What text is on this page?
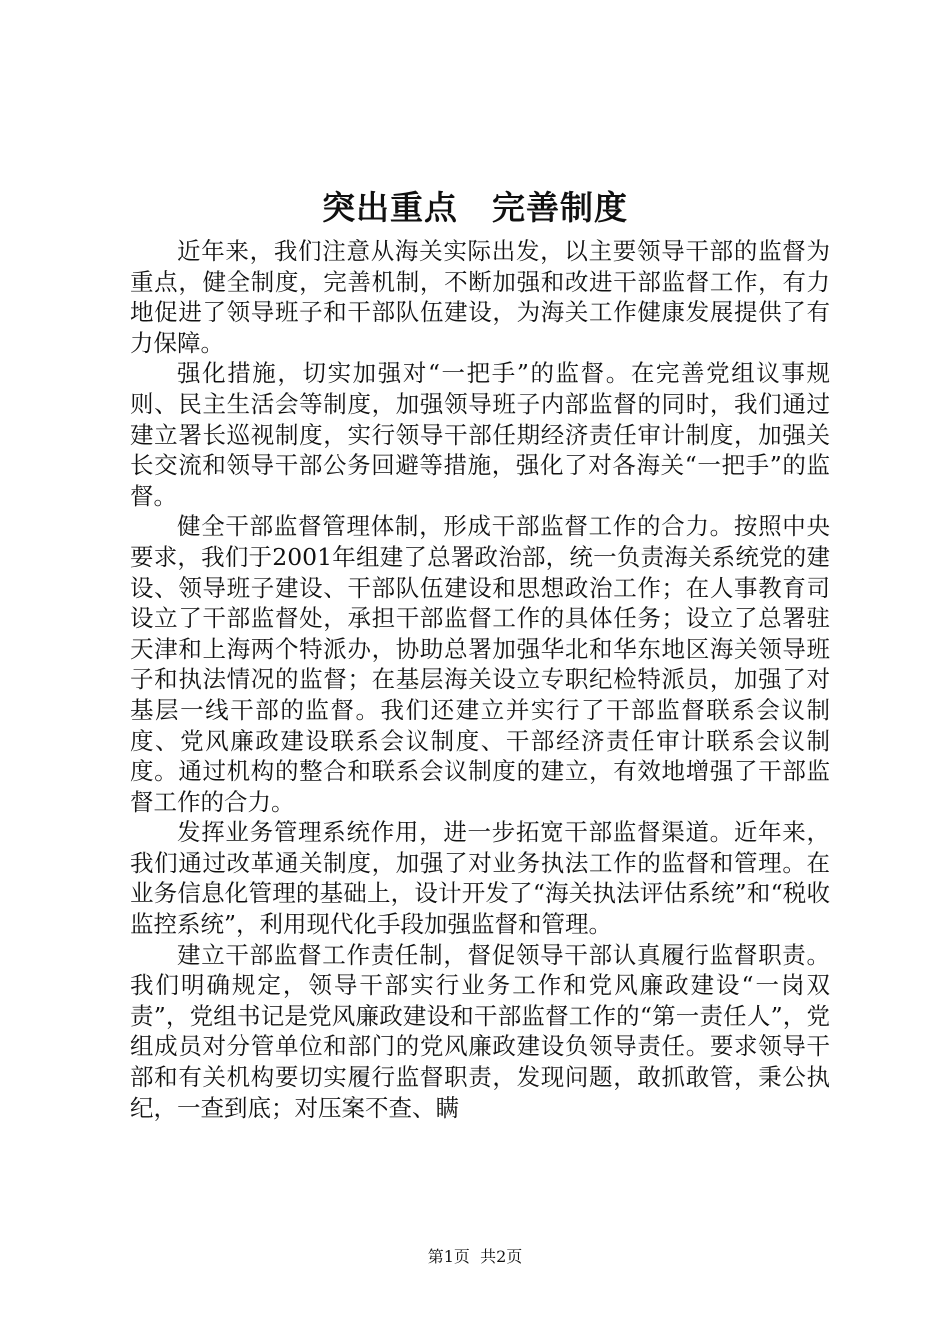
突出重点　完善制度

近年来，我们注意从海关实际出发，以主要领导干部的监督为重点，健全制度，完善机制，不断加强和改进干部监督工作，有力地促进了领导班子和干部队伍建设，为海关工作健康发展提供了有力保障。

强化措施，切实加强对“一把手”的监督。在完善党组议事规则、民主生活会等制度，加强领导班子内部监督的同时，我们通过建立署长巡视制度，实行领导干部任期经济责任审计制度，加强关长交流和领导干部公务回避等措施，强化了对各海关“一把手”的监督。

健全干部监督管理体制，形成干部监督工作的合力。按照中央要求，我们于2001年组建了总署政治部，统一负责海关系统党的建设、领导班子建设、干部队伍建设和思想政治工作；在人事教育司设立了干部监督处，承担干部监督工作的具体任务；设立了总署驻天津和上海两个特派办，协助总署加强华北和华东地区海关领导班子和执法情况的监督；在基层海关设立专职纪检特派员，加强了对基层一线干部的监督。我们还建立并实行了干部监督联系会议制度、党风廉政建设联系会议制度、干部经济责任审计联系会议制度。通过机构的整合和联系会议制度的建立，有效地增强了干部监督工作的合力。

发挥业务管理系统作用，进一步拓宽干部监督渠道。近年来，我们通过改革通关制度，加强了对业务执法工作的监督和管理。在业务信息化管理的基础上，设计开发了“海关执法评估系统”和“税收监控系统”，利用现代化手段加强监督和管理。

建立干部监督工作责任制，督促领导干部认真履行监督职责。我们明确规定，领导干部实行业务工作和党风廉政建设“一岗双责”，党组书记是党风廉政建设和干部监督工作的“第一责任人”，党组成员对分管单位和部门的党风廉政建设负领导责任。要求领导干部和有关机构要切实履行监督职责，发现问题，敢抓敢管，秉公执纪，一查到底；对压案不查、瞒

第1页  共2页
